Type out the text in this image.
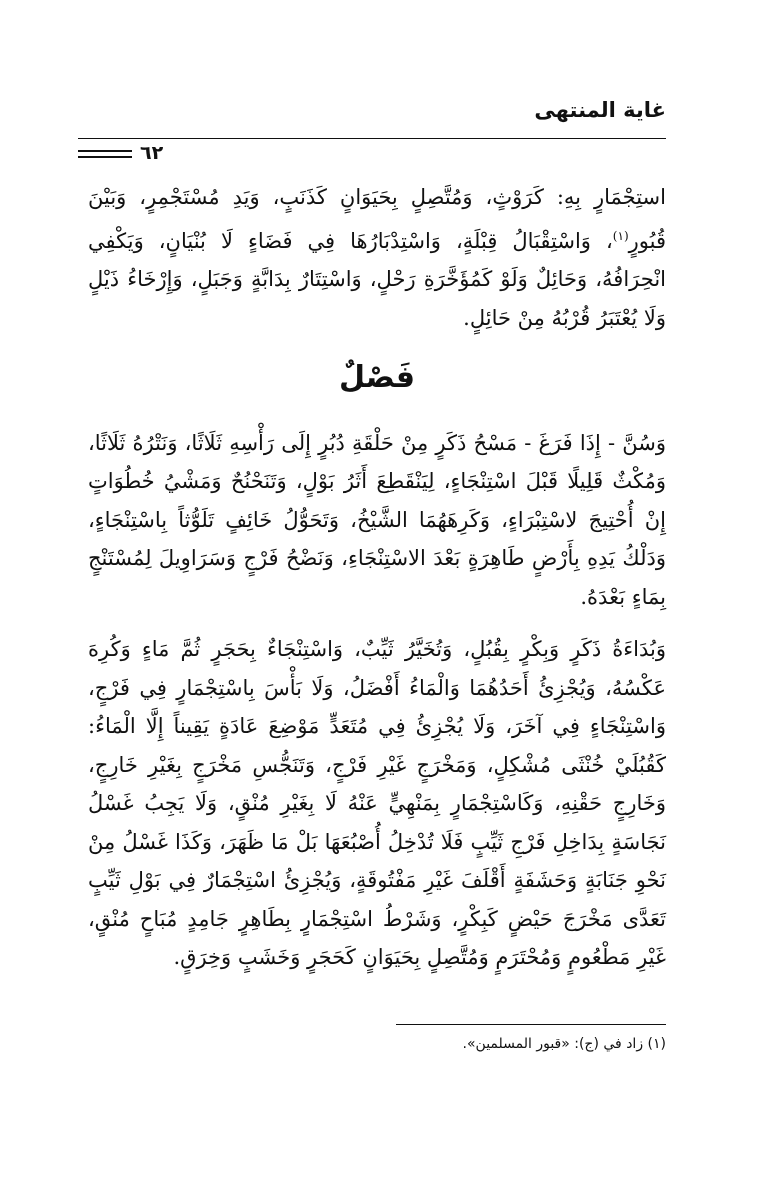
غاية المنتهى
٦٢

استِجْمَارٍ بِهِ: كَرَوْثٍ، وَمُتَّصِلٍ بِحَيَوَانٍ كَذَنَبٍ، وَيَدِ مُسْتَجْمِرٍ، وَبَيْنَ قُبُورٍ$^{(١)}$، وَاسْتِقْبَالُ قِبْلَةٍ، وَاسْتِدْبَارُهَا فِي فَضَاءٍ لَا بُنْيَانٍ، وَيَكْفِي انْحِرَافُهُ، وَحَائِلٌ وَلَوْ كَمُؤَخَّرَةِ رَحْلٍ، وَاسْتِتَارٌ بِدَابَّةٍ وَجَبَلٍ، وَإِرْخَاءُ ذَيْلٍ وَلَا يُعْتَبَرُ قُرْبُهُ مِنْ حَائِلٍ.

فَصْلٌ

وَسُنَّ - إِذَا فَرَغَ - مَسْحُ ذَكَرٍ مِنْ حَلْقَةِ دُبُرٍ إِلَى رَأْسِهِ ثَلَاثًا، وَنَتْرُهُ ثَلَاثًا، وَمُكْثٌ قَلِيلًا قَبْلَ اسْتِنْجَاءٍ، لِيَنْقَطِعَ أَثَرُ بَوْلٍ، وَتَنَحْنُحٌ وَمَشْيُ خُطُوَاتٍ إِنْ أُحْتِيجَ لاسْتِبْرَاءٍ، وَكَرِهَهُمَا الشَّيْخُ، وَتَحَوُّلُ خَائِفٍ تَلَوُّثاً بِاسْتِنْجَاءٍ، وَدَلْكُ يَدِهِ بِأَرْضٍ طَاهِرَةٍ بَعْدَ الاسْتِنْجَاءِ، وَنَضْحُ فَرْجٍ وَسَرَاوِيلَ لِمُسْتَنْجٍ بِمَاءٍ بَعْدَهُ.

وَبُدَاءَةُ ذَكَرٍ وَبِكْرٍ بِقُبُلٍ، وَتُخَيَّرُ ثَيِّبٌ، وَاسْتِنْجَاءٌ بِحَجَرٍ ثُمَّ مَاءٍ وَكُرِهَ عَكْسُهُ، وَيُجْزِئُ أَحَدُهُمَا وَالْمَاءُ أَفْضَلُ، وَلَا بَأْسَ بِاسْتِجْمَارٍ فِي فَرْجٍ، وَاسْتِنْجَاءٍ فِي آخَرَ، وَلَا يُجْزِئُ فِي مُتَعَدٍّ مَوْضِعَ عَادَةٍ يَقِيناً إِلَّا الْمَاءُ: كَقُبُلَيْ خُنْثَى مُشْكِلٍ، وَمَخْرَجٍ غَيْرِ فَرْجٍ، وَتَنَجُّسِ مَخْرَجٍ بِغَيْرِ خَارِجٍ، وَخَارِجٍ حَقْنِهِ، وَكَاسْتِجْمَارٍ بِمَنْهِيٍّ عَنْهُ لَا بِغَيْرِ مُنْقٍ، وَلَا يَجِبُ غَسْلُ نَجَاسَةٍ بِدَاخِلِ فَرْجِ ثَيِّبٍ فَلَا تُدْخِلُ أُصْبُعَهَا بَلْ مَا ظَهَرَ، وَكَذَا غَسْلُ مِنْ نَحْوِ جَنَابَةٍ وَحَشَفَةٍ أَقْلَفَ غَيْرِ مَفْتُوقَةٍ، وَيُجْزِئُ اسْتِجْمَارٌ فِي بَوْلِ ثَيِّبٍ تَعَدَّى مَخْرَجَ حَيْضٍ كَبِكْرٍ، وَشَرْطُ اسْتِجْمَارٍ بِطَاهِرٍ جَامِدٍ مُبَاحٍ مُنْقٍ، غَيْرِ مَطْعُومٍ وَمُحْتَرَمٍ وَمُتَّصِلٍ بِحَيَوَانٍ كَحَجَرٍ وَخَشَبٍ وَخِرَقٍ.

(١) زاد في (ج): «قبور المسلمين».
